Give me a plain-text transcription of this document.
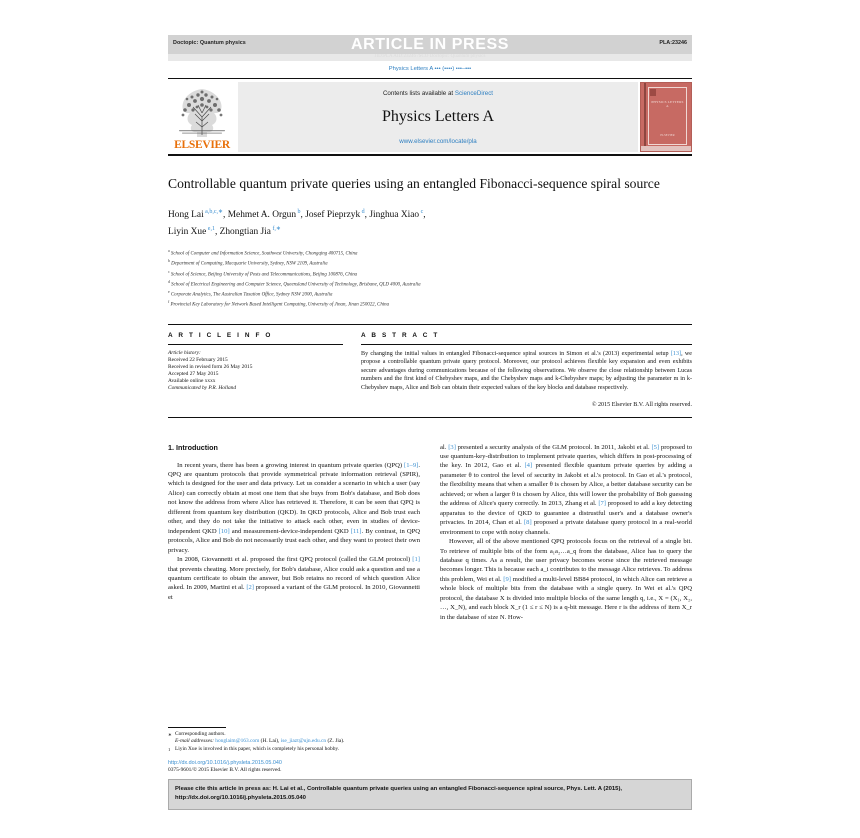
Doctopic: Quantum physics	ARTICLE IN PRESS	PLA:23246
JID:PLA AID:23246 /SCO Doctopic: Quantum physics
Physics Letters A ••• (••••) •••–•••
ELSEVIER
Contents lists available at ScienceDirect
Physics Letters A
www.elsevier.com/locate/pla
PHYSICS LETTERS A
ELSEVIER
Controllable quantum private queries using an entangled Fibonacci-sequence spiral source
Hong Lai $^{a,b,c,∗}$, Mehmet A. Orgun $^b$, Josef Pieprzyk $^d$, Jinghua Xiao $^c$,
Liyin Xue $^{e,1}$, Zhongtian Jia $^{f,∗}$
$^a$ School of Computer and Information Science, Southwest University, Chongqing 400715, China
$^b$ Department of Computing, Macquarie University, Sydney, NSW 2109, Australia
$^c$ School of Science, Beijing University of Posts and Telecommunications, Beijing 100876, China
$^d$ School of Electrical Engineering and Computer Science, Queensland University of Technology, Brisbane, QLD 4000, Australia
$^e$ Corporate Analytics, The Australian Taxation Office, Sydney NSW 2000, Australia
$^f$ Provincial Key Laboratory for Network Based Intelligent Computing, University of Jinan, Jinan 250022, China
A R T I C L E I N F O
Article history:
Received 22 February 2015
Received in revised form 26 May 2015
Accepted 27 May 2015
Available online xxxx
Communicated by P.R. Holland
A B S T R A C T
By changing the initial values in entangled Fibonacci-sequence spiral sources in Simon et al.'s (2013) experimental setup [13], we propose a controllable quantum private query protocol. Moreover, our protocol achieves flexible key expansion and even exhibits secure advantages during communications because of the following observations. We observe the close relationship between Lucas numbers and the first kind of Chebyshev maps, and the Chebyshev maps and k-Chebyshev maps; by adjusting the parameter m in k-Chebyshev maps, Alice and Bob can obtain their expected values of the key blocks and database respectively.
© 2015 Elsevier B.V. All rights reserved.
1. Introduction

In recent years, there has been a growing interest in quantum private queries (QPQ) [1–9]. QPQ are quantum protocols that provide symmetrical private information retrieval (SPIR), which is designed for the user and data privacy. Let us consider a scenario in which a user (say Alice) can correctly obtain at most one item that she buys from Bob's database, and Bob does not know the address from where Alice has retrieved it. Therefore, it can be seen that QPQ is different from quantum key distribution (QKD). In QKD protocols, Alice and Bob trust each other, and they do not take the initiative to attack each other, even in studies of device-independent QKD [10] and measurement-device-independent QKD [11]. By contrast, in QPQ protocols, Alice and Bob do not necessarily trust each other, and they want to protect their own privacy.

In 2008, Giovannetti et al. proposed the first QPQ protocol (called the GLM protocol) [1] that prevents cheating. More precisely, for Bob's database, Alice could ask a question and use a quantum certificate to obtain the answer, but Bob retains no record of which question Alice asked. In 2009, Martini et al. [2] proposed a variant of the GLM protocol. In 2010, Giovannetti et

∗ Corresponding authors.
E-mail addresses: honglaim@163.com (H. Lai), ise_jiazt@ujn.edu.cn (Z. Jia).
1 Liyin Xue is involved in this paper, which is completely his personal hobby.
http://dx.doi.org/10.1016/j.physleta.2015.05.040
0375-9601/© 2015 Elsevier B.V. All rights reserved.

al. [3] presented a security analysis of the GLM protocol. In 2011, Jakobi et al. [5] proposed to use quantum-key-distribution to implement private queries, which differs in post-processing of the key. In 2012, Gao et al. [4] presented flexible quantum private queries by adding a parameter θ to control the level of security in Jakobi et al.'s protocol. In Gao et al.'s protocol, the flexibility means that when a smaller θ is chosen by Alice, a better database security can be achieved; or when a larger θ is chosen by Alice, this will lower the probability of Bob guessing the address of Alice's query correctly. In 2013, Zhang et al. [7] proposed to add a key detecting apparatus to the device of QKD to guarantee a distrustful user's and a database owner's privacies. In 2014, Chan et al. [8] proposed a private database query protocol in a real-world environment to cope with noisy channels.

However, all of the above mentioned QPQ protocols focus on the retrieval of a single bit. To retrieve of multiple bits of the form a₁a₂…a_q from the database, Alice has to query the database q times. As a result, the user privacy becomes worse since the retrieved message becomes longer. This is because each a_i contributes to the message Alice retrieves. To address this problem, Wei et al. [9] modified a multi-level BB84 protocol, in which Alice can retrieve a whole block of multiple bits from the database with a single query. In Wei et al.'s QPQ protocol, the database X is divided into multiple blocks of the same length q, i.e., X = (X₁, X₂, …, X_N), and each block X_r (1 ≤ r ≤ N) is a q-bit message. Here r is the address of item X_r in the database of size N. How-

Please cite this article in press as: H. Lai et al., Controllable quantum private queries using an entangled Fibonacci-sequence spiral source, Phys. Lett. A (2015),
http://dx.doi.org/10.1016/j.physleta.2015.05.040
